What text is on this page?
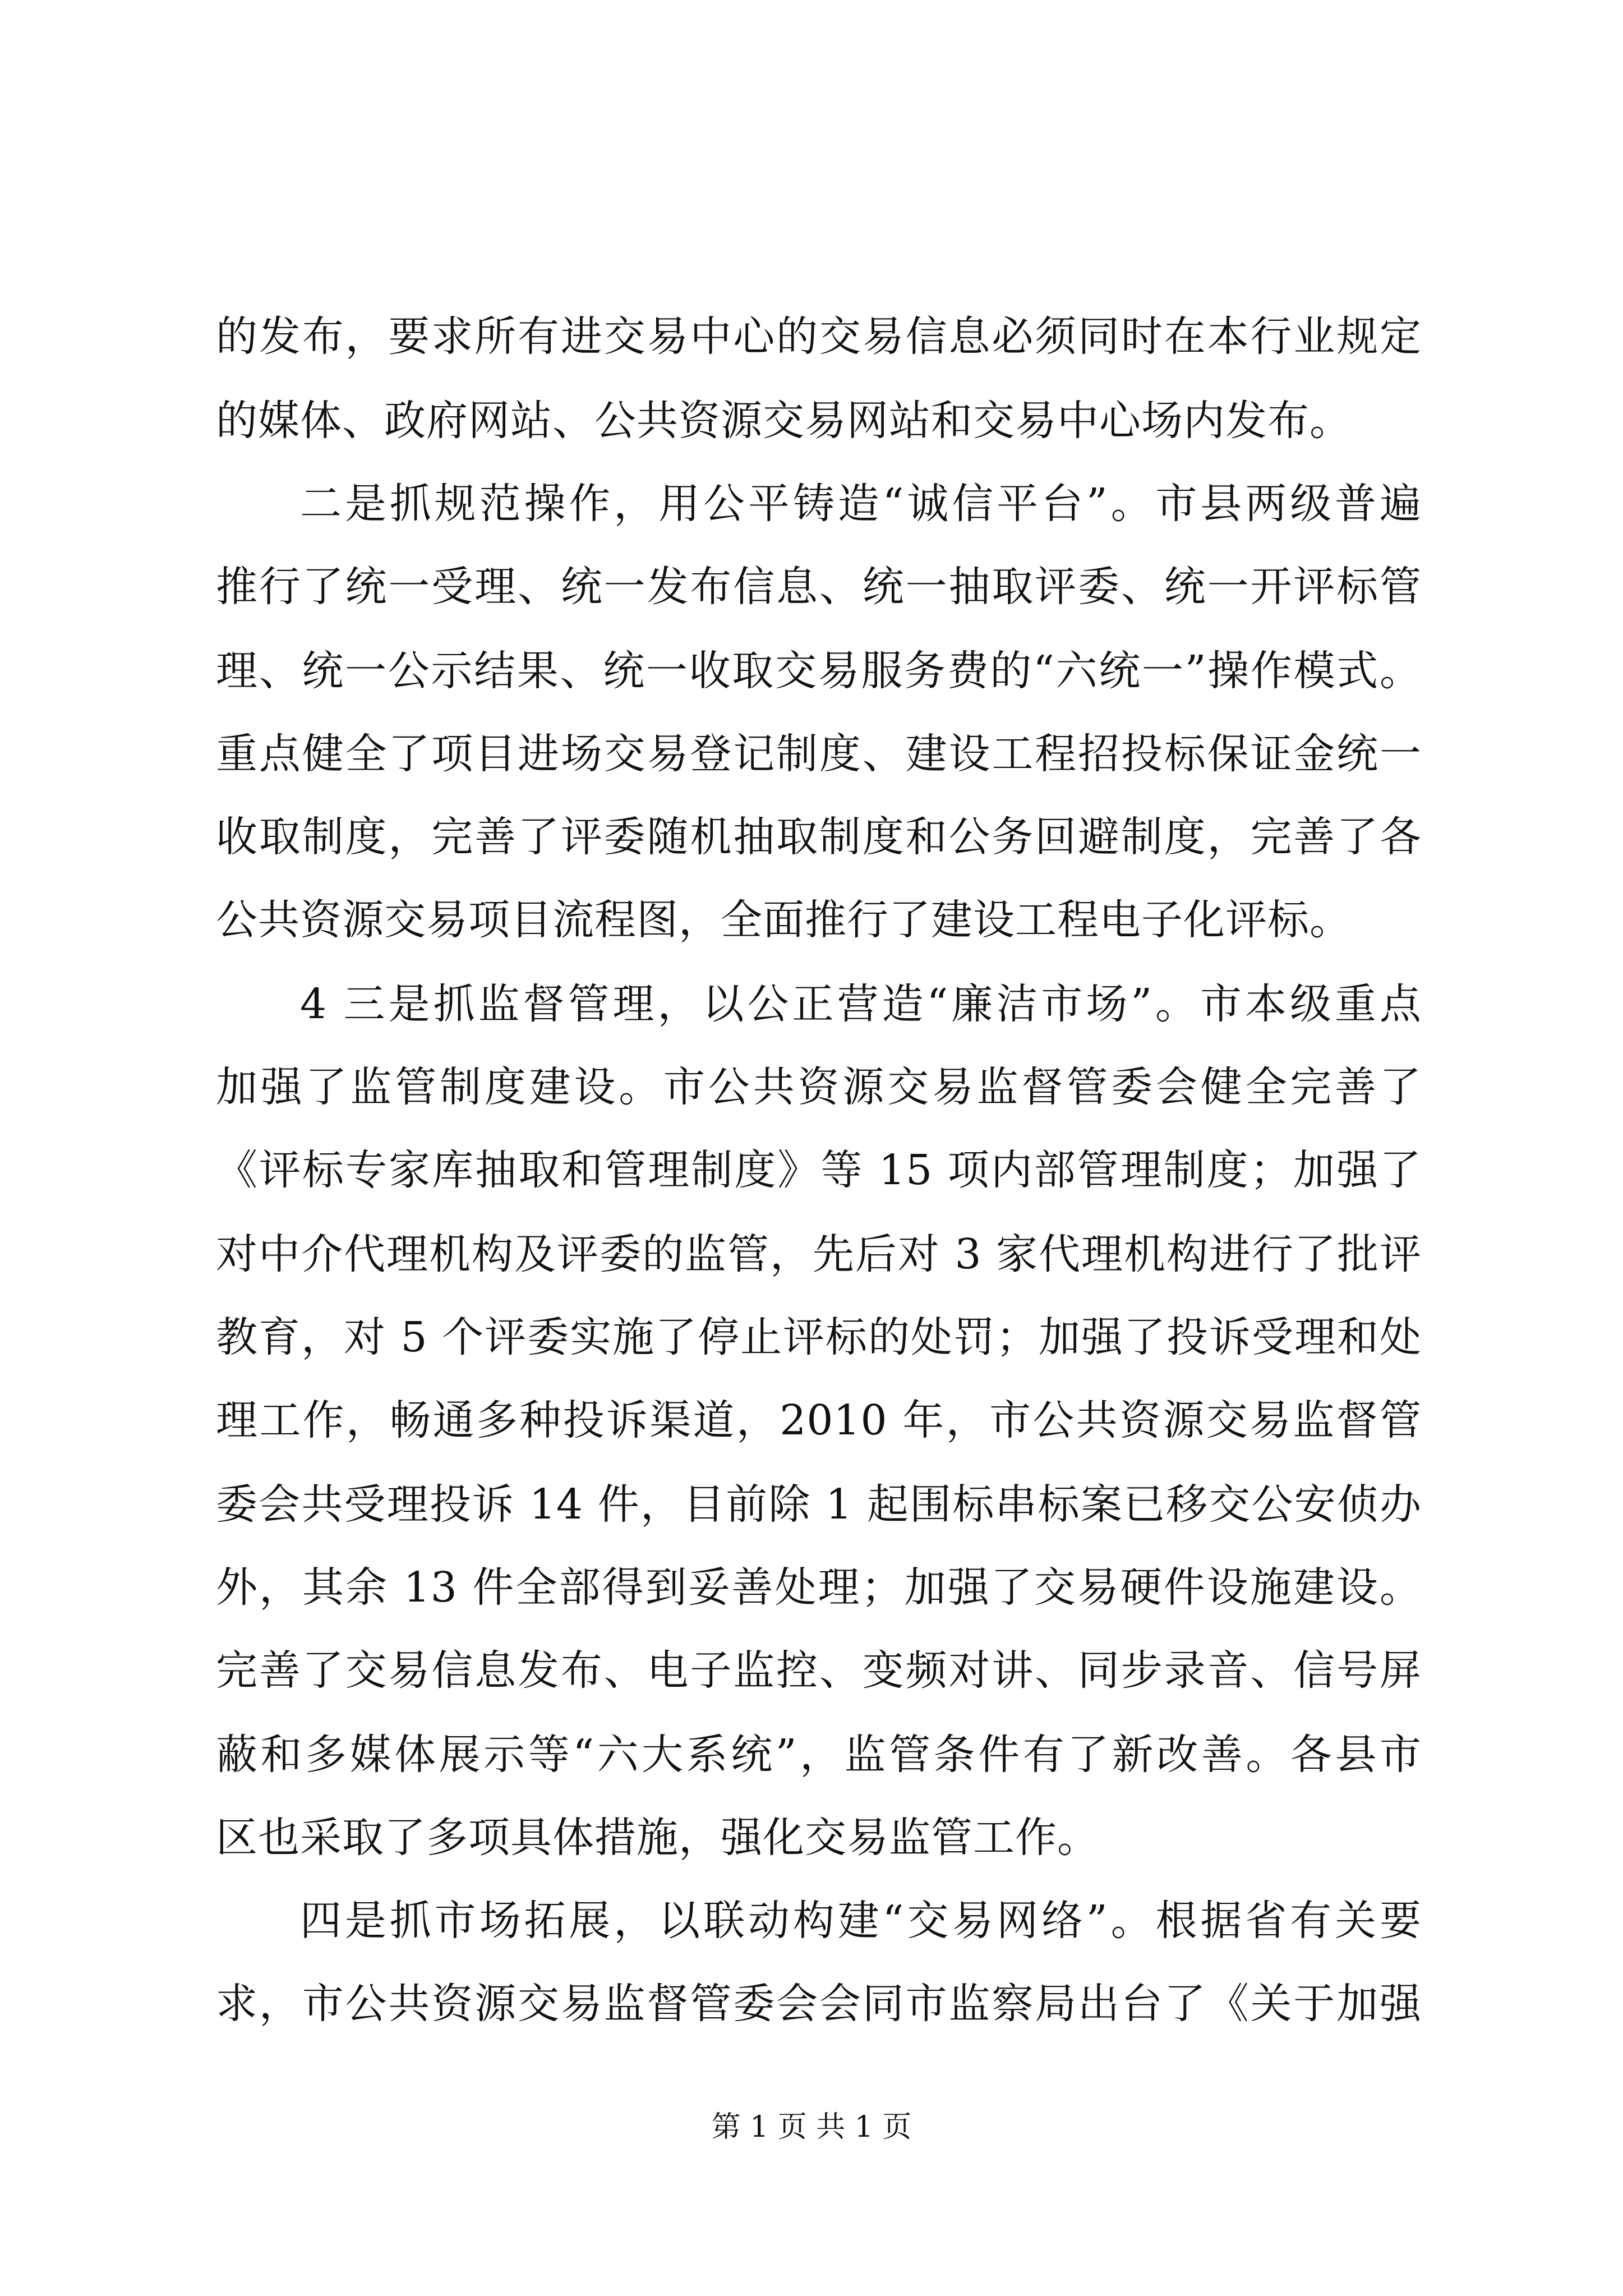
的发布，要求所有进交易中心的交易信息必须同时在本行业规定
的媒体、政府网站、公共资源交易网站和交易中心场内发布。
二是抓规范操作，用公平铸造“诚信平台”。市县两级普遍
推行了统一受理、统一发布信息、统一抽取评委、统一开评标管
理、统一公示结果、统一收取交易服务费的“六统一”操作模式。
重点健全了项目进场交易登记制度、建设工程招投标保证金统一
收取制度，完善了评委随机抽取制度和公务回避制度，完善了各
公共资源交易项目流程图，全面推行了建设工程电子化评标。
4 三是抓监督管理，以公正营造“廉洁市场”。市本级重点
加强了监管制度建设。市公共资源交易监督管委会健全完善了
《评标专家库抽取和管理制度》等 15 项内部管理制度；加强了
对中介代理机构及评委的监管，先后对 3 家代理机构进行了批评
教育，对 5 个评委实施了停止评标的处罚；加强了投诉受理和处
理工作，畅通多种投诉渠道，2010 年，市公共资源交易监督管
委会共受理投诉 14 件，目前除 1 起围标串标案已移交公安侦办
外，其余 13 件全部得到妥善处理；加强了交易硬件设施建设。
完善了交易信息发布、电子监控、变频对讲、同步录音、信号屏
蔽和多媒体展示等“六大系统”，监管条件有了新改善。各县市
区也采取了多项具体措施，强化交易监管工作。
四是抓市场拓展，以联动构建“交易网络”。根据省有关要
求，市公共资源交易监督管委会会同市监察局出台了《关于加强
第 1 页 共 1 页
